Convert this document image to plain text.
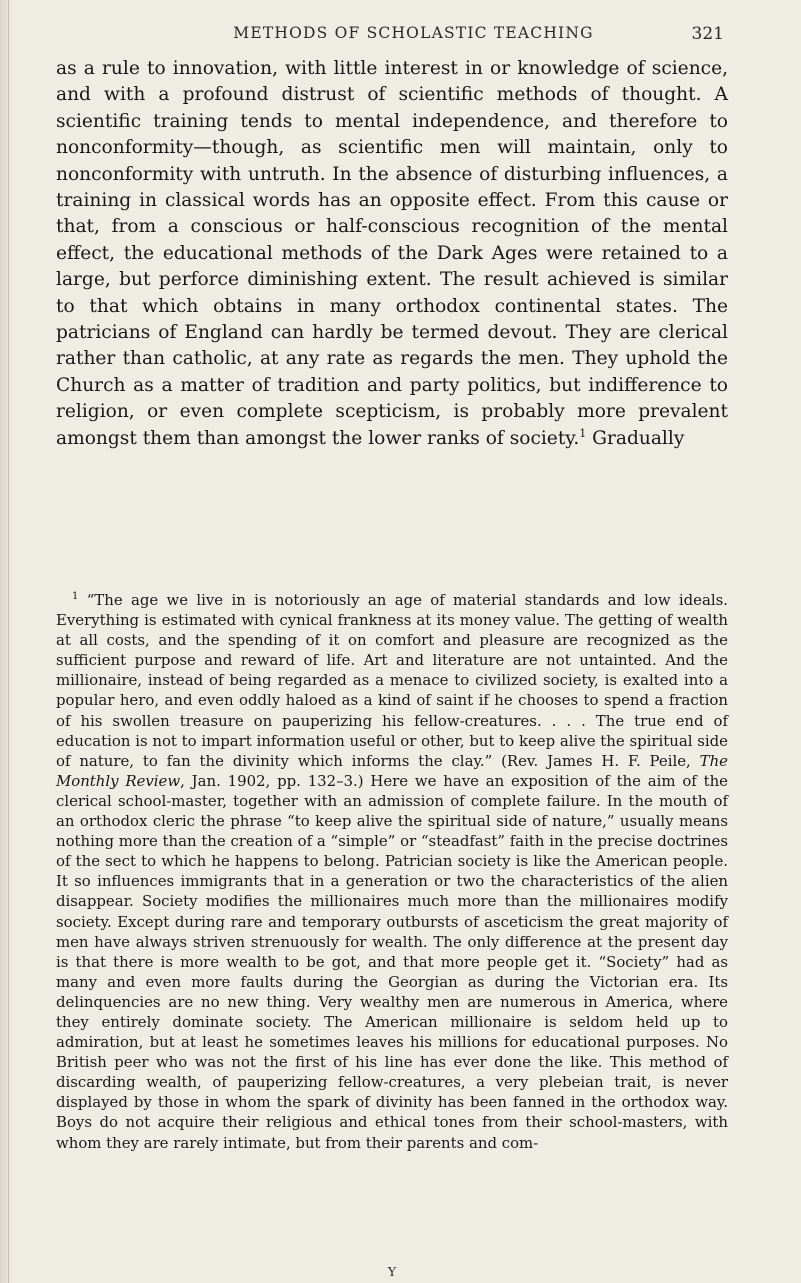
METHODS OF SCHOLASTIC TEACHING	321

as a rule to innovation, with little interest in or knowledge of science, and with a profound distrust of scientific methods of thought. A scientific training tends to mental independence, and therefore to nonconformity—though, as scientific men will maintain, only to nonconformity with untruth. In the absence of disturbing influences, a training in classical words has an opposite effect. From this cause or that, from a conscious or half-conscious recognition of the mental effect, the educational methods of the Dark Ages were retained to a large, but perforce diminishing extent. The result achieved is similar to that which obtains in many orthodox continental states. The patricians of England can hardly be termed devout. They are clerical rather than catholic, at any rate as regards the men. They uphold the Church as a matter of tradition and party politics, but indifference to religion, or even complete scepticism, is probably more prevalent amongst them than amongst the lower ranks of society.$^1$ Gradually

$^1$ “The age we live in is notoriously an age of material standards and low ideals. Everything is estimated with cynical frankness at its money value. The getting of wealth at all costs, and the spending of it on comfort and pleasure are recognized as the sufficient purpose and reward of life. Art and literature are not untainted. And the millionaire, instead of being regarded as a menace to civilized society, is exalted into a popular hero, and even oddly haloed as a kind of saint if he chooses to spend a fraction of his swollen treasure on pauperizing his fellow-creatures. . . . The true end of education is not to impart information useful or other, but to keep alive the spiritual side of nature, to fan the divinity which informs the clay.” (Rev. James H. F. Peile, The Monthly Review, Jan. 1902, pp. 132–3.) Here we have an exposition of the aim of the clerical school-master, together with an admission of complete failure. In the mouth of an orthodox cleric the phrase “to keep alive the spiritual side of nature,” usually means nothing more than the creation of a “simple” or “steadfast” faith in the precise doctrines of the sect to which he happens to belong. Patrician society is like the American people. It so influences immigrants that in a generation or two the characteristics of the alien disappear. Society modifies the millionaires much more than the millionaires modify society. Except during rare and temporary outbursts of asceticism the great majority of men have always striven strenuously for wealth. The only difference at the present day is that there is more wealth to be got, and that more people get it. “Society” had as many and even more faults during the Georgian as during the Victorian era. Its delinquencies are no new thing. Very wealthy men are numerous in America, where they entirely dominate society. The American millionaire is seldom held up to admiration, but at least he sometimes leaves his millions for educational purposes. No British peer who was not the first of his line has ever done the like. This method of discarding wealth, of pauperizing fellow-creatures, a very plebeian trait, is never displayed by those in whom the spark of divinity has been fanned in the orthodox way. Boys do not acquire their religious and ethical tones from their school-masters, with whom they are rarely intimate, but from their parents and com-

Y
